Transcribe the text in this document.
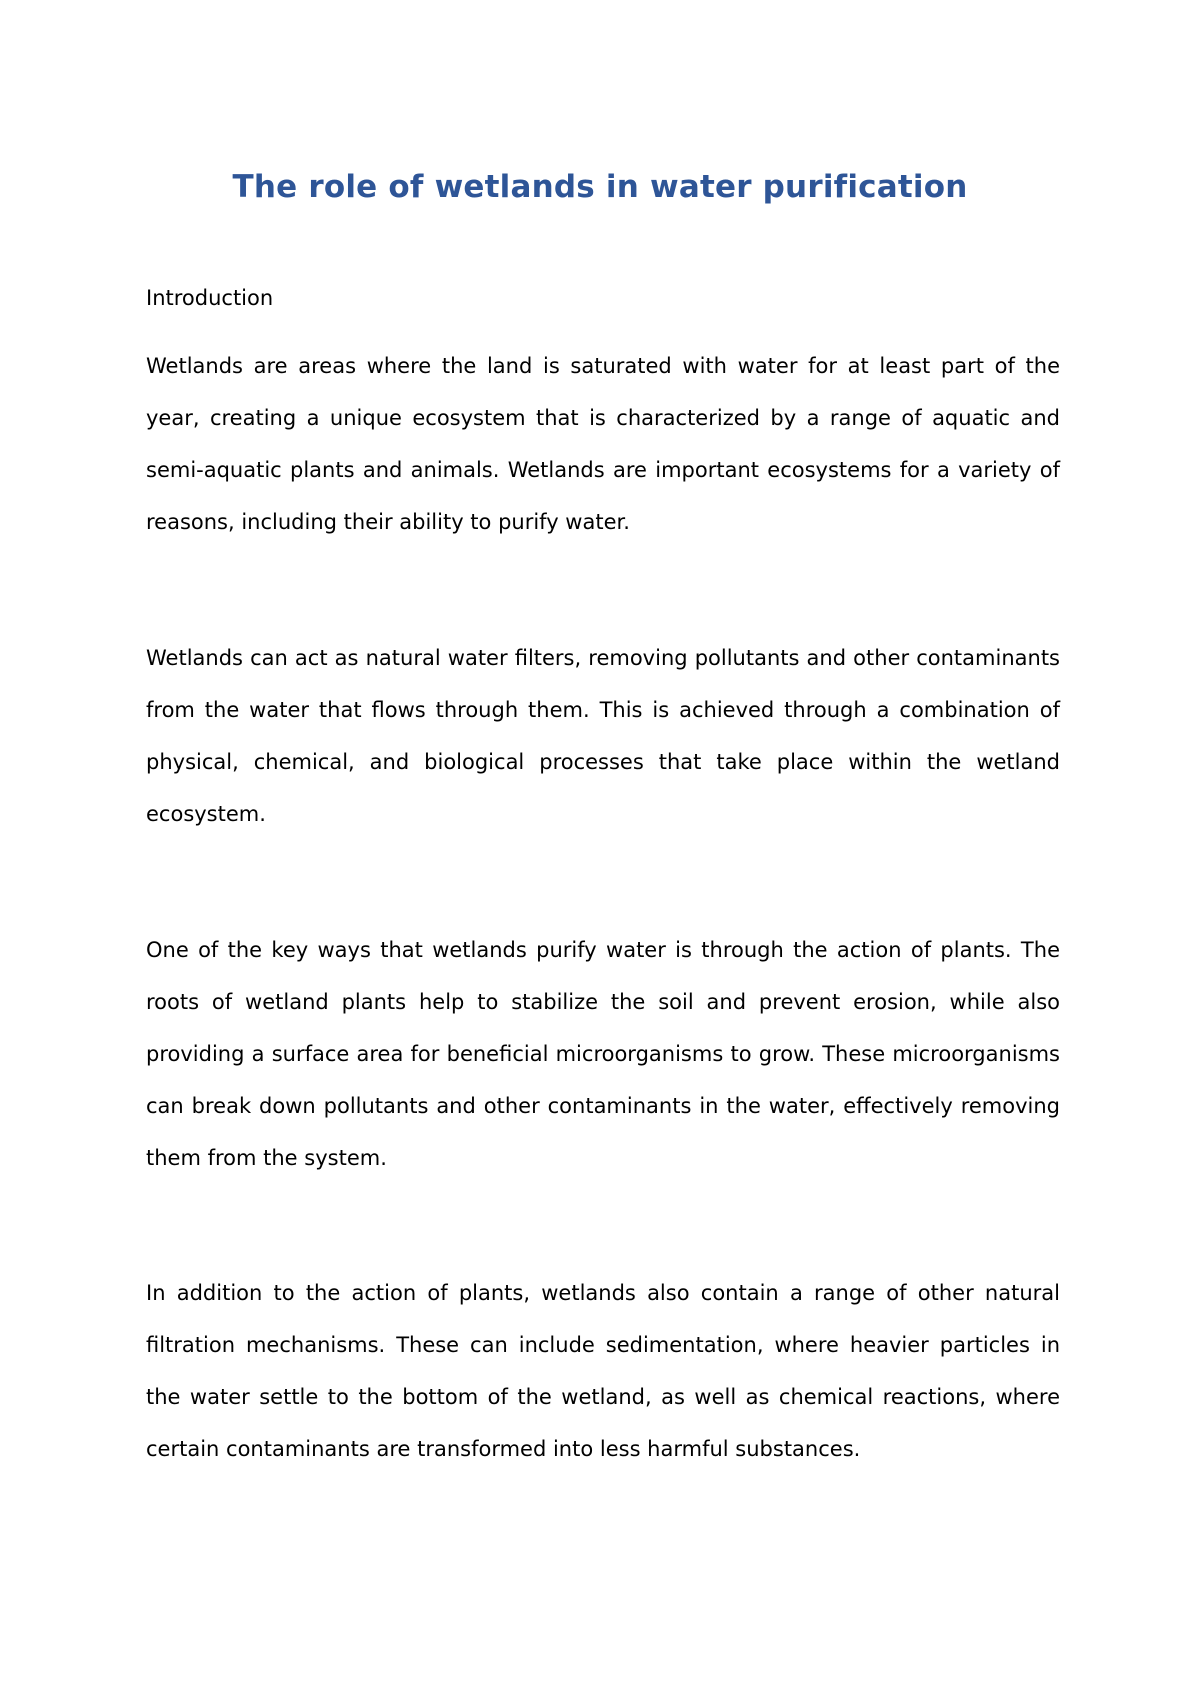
The role of wetlands in water purification
Introduction

Wetlands are areas where the land is saturated with water for at least part of the year, creating a unique ecosystem that is characterized by a range of aquatic and semi-aquatic plants and animals. Wetlands are important ecosystems for a variety of reasons, including their ability to purify water.

Wetlands can act as natural water filters, removing pollutants and other contaminants from the water that flows through them. This is achieved through a combination of physical, chemical, and biological processes that take place within the wetland ecosystem.

One of the key ways that wetlands purify water is through the action of plants. The roots of wetland plants help to stabilize the soil and prevent erosion, while also providing a surface area for beneficial microorganisms to grow. These microorganisms can break down pollutants and other contaminants in the water, effectively removing them from the system.

In addition to the action of plants, wetlands also contain a range of other natural filtration mechanisms. These can include sedimentation, where heavier particles in the water settle to the bottom of the wetland, as well as chemical reactions, where certain contaminants are transformed into less harmful substances.
